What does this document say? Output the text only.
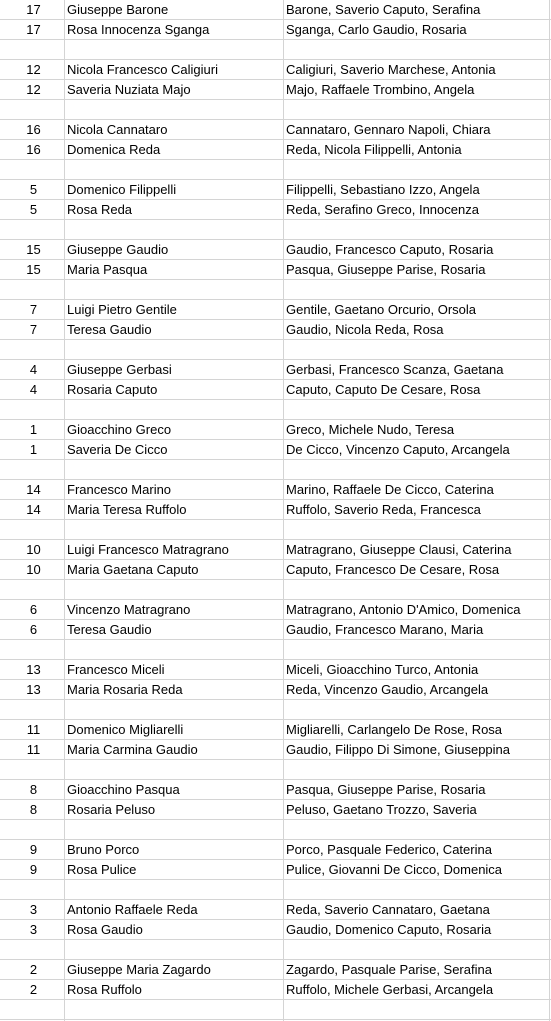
17	Giuseppe Barone	Barone, Saverio Caputo, Serafina
17	Rosa Innocenza Sganga	Sganga, Carlo Gaudio, Rosaria
12	Nicola Francesco Caligiuri	Caligiuri, Saverio Marchese, Antonia
12	Saveria Nuziata Majo	Majo, Raffaele Trombino, Angela
16	Nicola Cannataro	Cannataro, Gennaro Napoli, Chiara
16	Domenica Reda	Reda, Nicola Filippelli, Antonia
5	Domenico Filippelli	Filippelli, Sebastiano Izzo, Angela
5	Rosa Reda	Reda, Serafino Greco, Innocenza
15	Giuseppe Gaudio	Gaudio, Francesco Caputo, Rosaria
15	Maria Pasqua	Pasqua, Giuseppe Parise, Rosaria
7	Luigi Pietro Gentile	Gentile, Gaetano Orcurio, Orsola
7	Teresa Gaudio	Gaudio, Nicola Reda, Rosa
4	Giuseppe Gerbasi	Gerbasi, Francesco Scanza, Gaetana
4	Rosaria Caputo	Caputo, Caputo De Cesare, Rosa
1	Gioacchino Greco	Greco, Michele Nudo, Teresa
1	Saveria De Cicco	De Cicco, Vincenzo Caputo, Arcangela
14	Francesco Marino	Marino, Raffaele De Cicco, Caterina
14	Maria Teresa Ruffolo	Ruffolo, Saverio Reda, Francesca
10	Luigi Francesco Matragrano	Matragrano, Giuseppe Clausi, Caterina
10	Maria Gaetana Caputo	Caputo, Francesco De Cesare, Rosa
6	Vincenzo Matragrano	Matragrano, Antonio D'Amico, Domenica
6	Teresa Gaudio	Gaudio, Francesco Marano, Maria
13	Francesco Miceli	Miceli, Gioacchino Turco, Antonia
13	Maria Rosaria Reda	Reda, Vincenzo Gaudio, Arcangela
11	Domenico Migliarelli	Migliarelli, Carlangelo De Rose, Rosa
11	Maria Carmina Gaudio	Gaudio, Filippo Di Simone, Giuseppina
8	Gioacchino Pasqua	Pasqua, Giuseppe Parise, Rosaria
8	Rosaria Peluso	Peluso, Gaetano Trozzo, Saveria
9	Bruno Porco	Porco, Pasquale Federico, Caterina
9	Rosa Pulice	Pulice, Giovanni De Cicco, Domenica
3	Antonio Raffaele Reda	Reda, Saverio Cannataro, Gaetana
3	Rosa Gaudio	Gaudio, Domenico Caputo, Rosaria
2	Giuseppe Maria Zagardo	Zagardo, Pasquale Parise, Serafina
2	Rosa Ruffolo	Ruffolo, Michele Gerbasi, Arcangela
